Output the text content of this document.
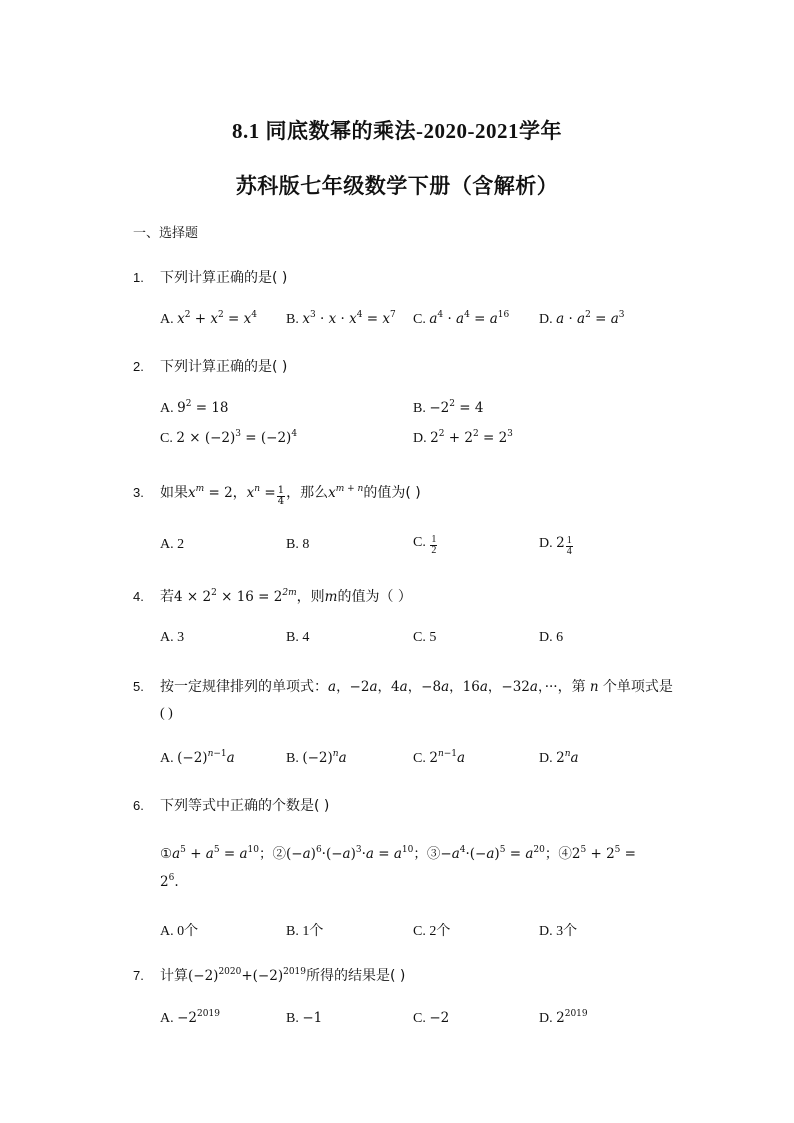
8.1 同底数幂的乘法-2020-2021学年
苏科版七年级数学下册（含解析）
一、选择题
1. 下列计算正确的是( )
A. $x^2 + x^2 = x^4$ B. $x^3 \cdot x \cdot x^4 = x^7$ C. $a^4 \cdot a^4 = a^{16}$ D. $a \cdot a^2 = a^3$
2. 下列计算正确的是( )
A. $9^2 = 18$	B. $-2^2 = 4$
C. $2 \times (-2)^3 = (-2)^4$	D. $2^2 + 2^2 = 2^3$
3. 如果$x^m = 2$，$x^n = \frac{1}{4}$ ，那么$x^{m + n}$的值为( )
A. 2	B. 8	C. $\frac{1}{2}$	D. $2 \frac{1}{4}$
4. 若$4 \times 2^2 \times 16 = 2^{2m}$，则m的值为（ ）
A. 3	B. 4	C. 5	D. 6
5. 按一定规律排列的单项式：a，−2a，4a，−8a，16a，−32a，···，第 n 个单项式是
( )
A. $(-2)^{n-1}a$	B. $(-2)^na$	C. $2^{n-1}a$	D. 2$^n$a
6. 下列等式中正确的个数是( )
$①a^5 + a^5 = a^{10}$；$②(-a)^6\cdot(-a)^3\cdot a = a^{10}$；$③-a^4\cdot(-a)^5 = a^{20}$；$④2^5 + 2^5$ =
$2^6$.
A. 0个	B. 1个	C. 2个	D. 3个
7. 计算$(-2)^{2020}+(-2)^{2019}$所得的结果是( )
A. $-2^{2019}$	B. −1	C. −2	D. $2^{2019}$
